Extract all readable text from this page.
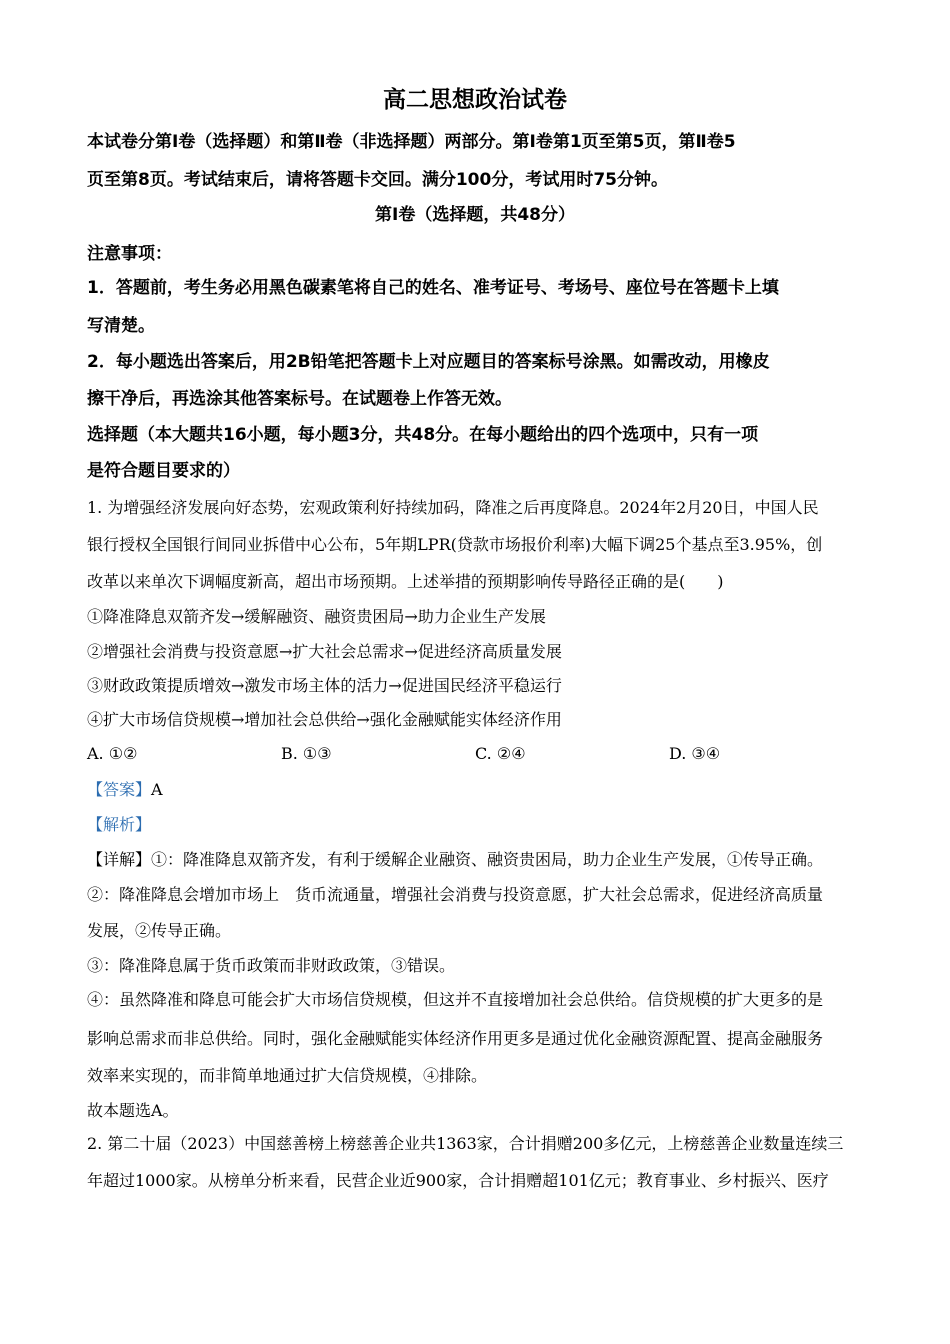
高二思想政治试卷
本试卷分第Ⅰ卷（选择题）和第Ⅱ卷（非选择题）两部分。第Ⅰ卷第1页至第5页，第Ⅱ卷5
页至第8页。考试结束后，请将答题卡交回。满分100分，考试用时75分钟。
第Ⅰ卷（选择题，共48分）
注意事项：
1．答题前，考生务必用黑色碳素笔将自己的姓名、准考证号、考场号、座位号在答题卡上填
写清楚。
2．每小题选出答案后，用2B铅笔把答题卡上对应题目的答案标号涂黑。如需改动，用橡皮
擦干净后，再选涂其他答案标号。在试题卷上作答无效。
选择题（本大题共16小题，每小题3分，共48分。在每小题给出的四个选项中，只有一项
是符合题目要求的）
1. 为增强经济发展向好态势，宏观政策利好持续加码，降准之后再度降息。2024年2月20日，中国人民
银行授权全国银行间同业拆借中心公布，5年期LPR(贷款市场报价利率)大幅下调25个基点至3.95%，创
改革以来单次下调幅度新高，超出市场预期。上述举措的预期影响传导路径正确的是(　　)
①降准降息双箭齐发→缓解融资、融资贵困局→助力企业生产发展
②增强社会消费与投资意愿→扩大社会总需求→促进经济高质量发展
③财政政策提质增效→激发市场主体的活力→促进国民经济平稳运行
④扩大市场信贷规模→增加社会总供给→强化金融赋能实体经济作用
A. ①②	B. ①③	C. ②④	D. ③④
【答案】A
【解析】
【详解】①：降准降息双箭齐发，有利于缓解企业融资、融资贵困局，助力企业生产发展，①传导正确。
②：降准降息会增加市场上　货币流通量，增强社会消费与投资意愿，扩大社会总需求，促进经济高质量
发展，②传导正确。
③：降准降息属于货币政策而非财政政策，③错误。
④：虽然降准和降息可能会扩大市场信贷规模，但这并不直接增加社会总供给。信贷规模的扩大更多的是
影响总需求而非总供给。同时，强化金融赋能实体经济作用更多是通过优化金融资源配置、提高金融服务
效率来实现的，而非简单地通过扩大信贷规模，④排除。
故本题选A。
2. 第二十届（2023）中国慈善榜上榜慈善企业共1363家，合计捐赠200多亿元，上榜慈善企业数量连续三
年超过1000家。从榜单分析来看，民营企业近900家，合计捐赠超101亿元；教育事业、乡村振兴、医疗
